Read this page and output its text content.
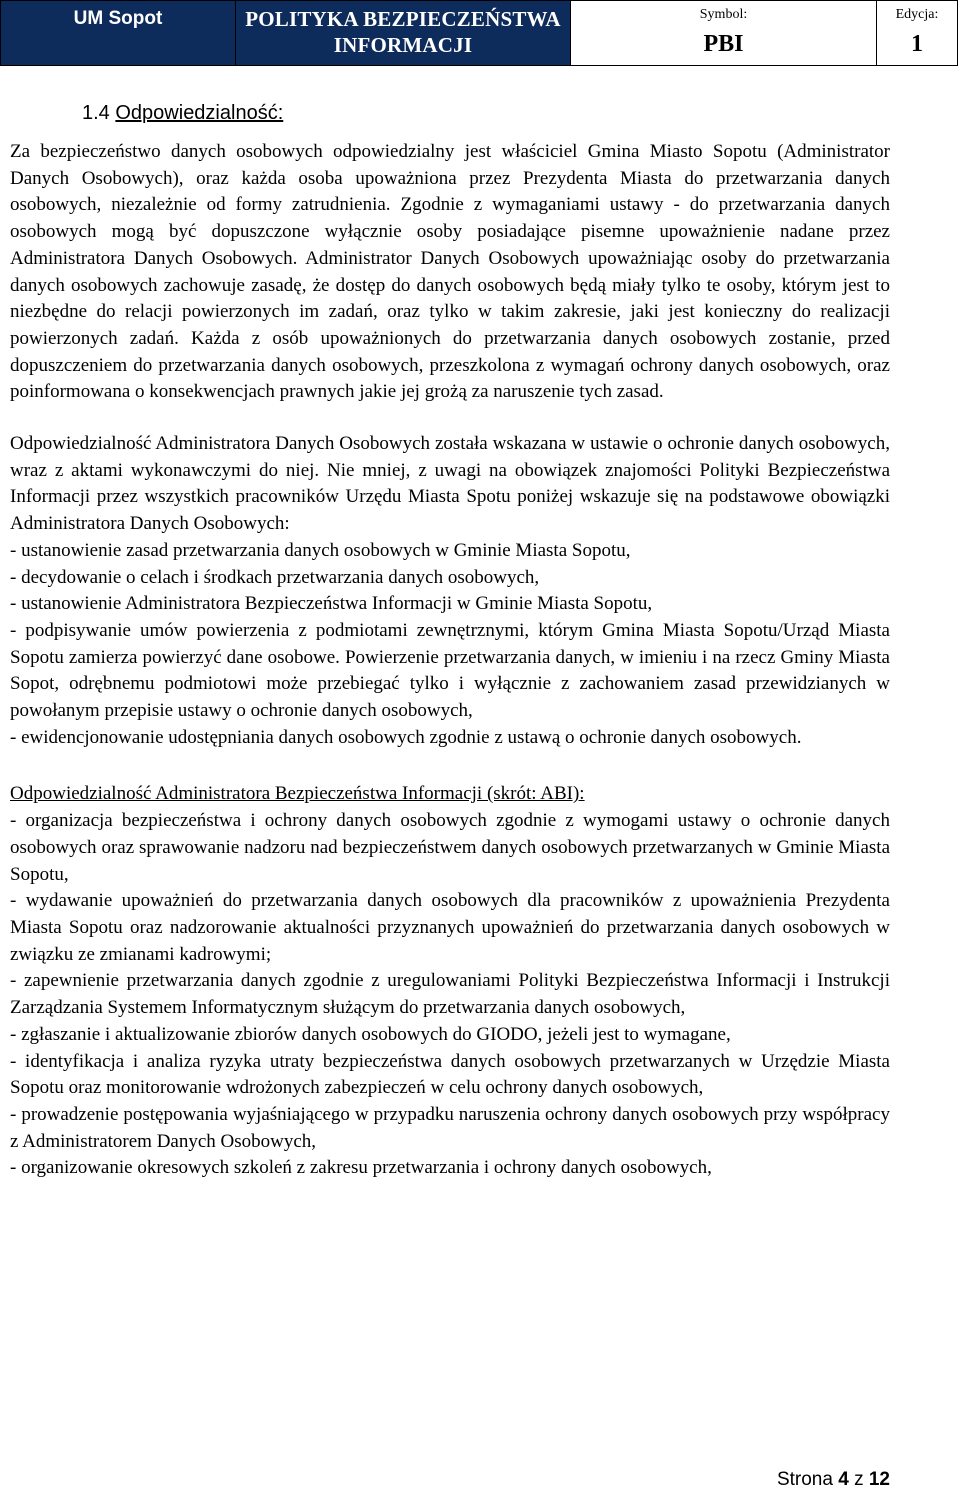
UM Sopot	POLITYKA BEZPIECZEŃSTWA
INFORMACJI
Symbol:
PBI
Edycja:
1
1.4 Odpowiedzialność:

Za bezpieczeństwo danych osobowych odpowiedzialny jest właściciel Gmina Miasto Sopotu (Administrator Danych Osobowych), oraz każda osoba upoważniona przez Prezydenta Miasta do przetwarzania danych osobowych, niezależnie od formy zatrudnienia. Zgodnie z wymaganiami ustawy - do przetwarzania danych osobowych mogą być dopuszczone wyłącznie osoby posiadające pisemne upoważnienie nadane przez Administratora Danych Osobowych. Administrator Danych Osobowych upoważniając osoby do przetwarzania danych osobowych zachowuje zasadę, że dostęp do danych osobowych będą miały tylko te osoby, którym jest to niezbędne do relacji powierzonych im zadań, oraz tylko w takim zakresie, jaki jest konieczny do realizacji powierzonych zadań. Każda z osób upoważnionych do przetwarzania danych osobowych zostanie, przed dopuszczeniem do przetwarzania danych osobowych, przeszkolona z wymagań ochrony danych osobowych, oraz poinformowana o konsekwencjach prawnych jakie jej grożą za naruszenie tych zasad.

Odpowiedzialność Administratora Danych Osobowych została wskazana w ustawie o ochronie danych osobowych, wraz z aktami wykonawczymi do niej. Nie mniej, z uwagi na obowiązek znajomości Polityki Bezpieczeństwa Informacji przez wszystkich pracowników Urzędu Miasta Spotu poniżej wskazuje się na podstawowe obowiązki Administratora Danych Osobowych:

- ustanowienie zasad przetwarzania danych osobowych w Gminie Miasta Sopotu,

- decydowanie o celach i środkach przetwarzania danych osobowych,

- ustanowienie Administratora Bezpieczeństwa Informacji w Gminie Miasta Sopotu,

- podpisywanie umów powierzenia z podmiotami zewnętrznymi, którym Gmina Miasta Sopotu/Urząd Miasta Sopotu zamierza powierzyć dane osobowe. Powierzenie przetwarzania danych, w imieniu i na rzecz Gminy Miasta Sopot, odrębnemu podmiotowi może przebiegać tylko i wyłącznie z zachowaniem zasad przewidzianych w powołanym przepisie ustawy o ochronie danych osobowych,

- ewidencjonowanie udostępniania danych osobowych zgodnie z ustawą o ochronie danych osobowych.

Odpowiedzialność Administratora Bezpieczeństwa Informacji (skrót: ABI):

- organizacja bezpieczeństwa i ochrony danych osobowych zgodnie z wymogami ustawy o ochronie danych osobowych oraz sprawowanie nadzoru nad bezpieczeństwem danych osobowych przetwarzanych w Gminie Miasta Sopotu,

- wydawanie upoważnień do przetwarzania danych osobowych dla pracowników z upoważnienia Prezydenta Miasta Sopotu oraz nadzorowanie aktualności przyznanych upoważnień do przetwarzania danych osobowych w związku ze zmianami kadrowymi;

- zapewnienie przetwarzania danych zgodnie z uregulowaniami Polityki Bezpieczeństwa Informacji i Instrukcji Zarządzania Systemem Informatycznym służącym do przetwarzania danych osobowych,

- zgłaszanie i aktualizowanie zbiorów danych osobowych do GIODO, jeżeli jest to wymagane,

- identyfikacja i analiza ryzyka utraty bezpieczeństwa danych osobowych przetwarzanych w Urzędzie Miasta Sopotu oraz monitorowanie wdrożonych zabezpieczeń w celu ochrony danych osobowych,

- prowadzenie postępowania wyjaśniającego w przypadku naruszenia ochrony danych osobowych przy współpracy z Administratorem Danych Osobowych,

- organizowanie okresowych szkoleń z zakresu przetwarzania i ochrony danych osobowych,

Strona 4 z 12
